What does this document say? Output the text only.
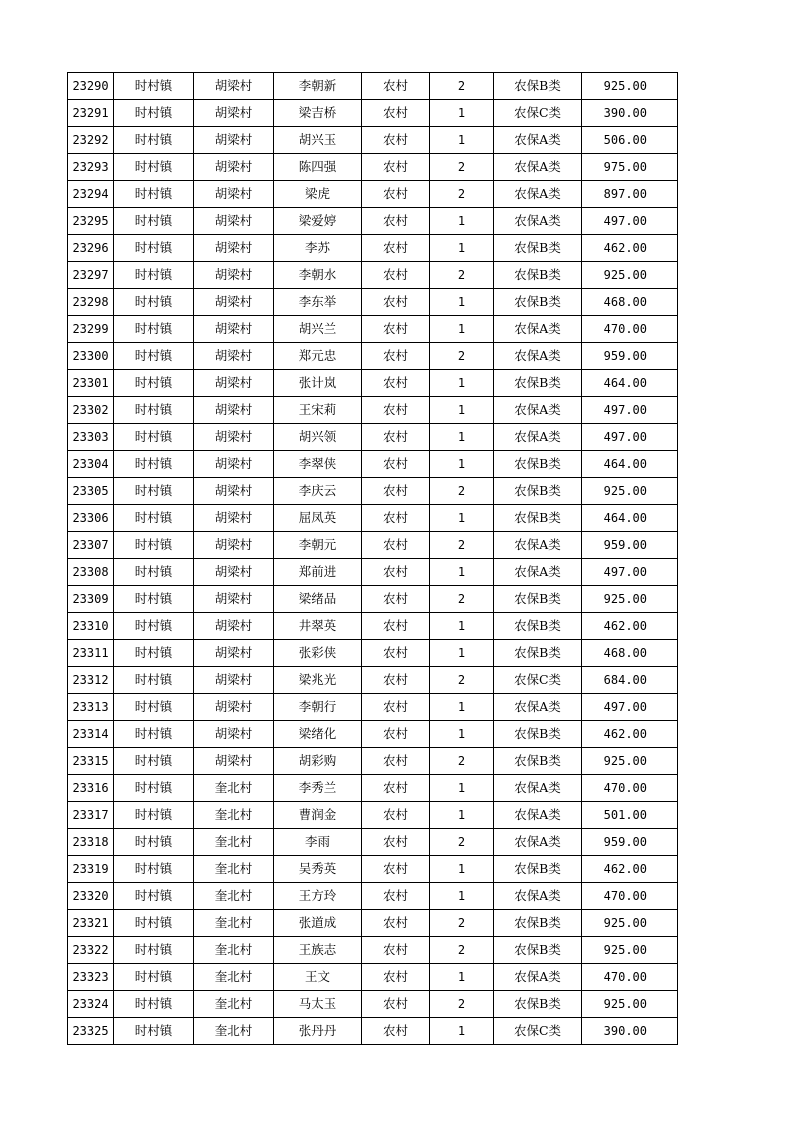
23290	时村镇	胡梁村	李朝新	农村	2	农保B类	925.00
23291	时村镇	胡梁村	梁吉桥	农村	1	农保C类	390.00
23292	时村镇	胡梁村	胡兴玉	农村	1	农保A类	506.00
23293	时村镇	胡梁村	陈四强	农村	2	农保A类	975.00
23294	时村镇	胡梁村	梁虎	农村	2	农保A类	897.00
23295	时村镇	胡梁村	梁爱婷	农村	1	农保A类	497.00
23296	时村镇	胡梁村	李苏	农村	1	农保B类	462.00
23297	时村镇	胡梁村	李朝水	农村	2	农保B类	925.00
23298	时村镇	胡梁村	李东举	农村	1	农保B类	468.00
23299	时村镇	胡梁村	胡兴兰	农村	1	农保A类	470.00
23300	时村镇	胡梁村	郑元忠	农村	2	农保A类	959.00
23301	时村镇	胡梁村	张计岚	农村	1	农保B类	464.00
23302	时村镇	胡梁村	王宋莉	农村	1	农保A类	497.00
23303	时村镇	胡梁村	胡兴领	农村	1	农保A类	497.00
23304	时村镇	胡梁村	李翠侠	农村	1	农保B类	464.00
23305	时村镇	胡梁村	李庆云	农村	2	农保B类	925.00
23306	时村镇	胡梁村	屈凤英	农村	1	农保B类	464.00
23307	时村镇	胡梁村	李朝元	农村	2	农保A类	959.00
23308	时村镇	胡梁村	郑前进	农村	1	农保A类	497.00
23309	时村镇	胡梁村	梁绪品	农村	2	农保B类	925.00
23310	时村镇	胡梁村	井翠英	农村	1	农保B类	462.00
23311	时村镇	胡梁村	张彩侠	农村	1	农保B类	468.00
23312	时村镇	胡梁村	梁兆光	农村	2	农保C类	684.00
23313	时村镇	胡梁村	李朝行	农村	1	农保A类	497.00
23314	时村镇	胡梁村	梁绪化	农村	1	农保B类	462.00
23315	时村镇	胡梁村	胡彩购	农村	2	农保B类	925.00
23316	时村镇	奎北村	李秀兰	农村	1	农保A类	470.00
23317	时村镇	奎北村	曹润金	农村	1	农保A类	501.00
23318	时村镇	奎北村	李雨	农村	2	农保A类	959.00
23319	时村镇	奎北村	吴秀英	农村	1	农保B类	462.00
23320	时村镇	奎北村	王方玲	农村	1	农保A类	470.00
23321	时村镇	奎北村	张道成	农村	2	农保B类	925.00
23322	时村镇	奎北村	王族志	农村	2	农保B类	925.00
23323	时村镇	奎北村	王文	农村	1	农保A类	470.00
23324	时村镇	奎北村	马太玉	农村	2	农保B类	925.00
23325	时村镇	奎北村	张丹丹	农村	1	农保C类	390.00
